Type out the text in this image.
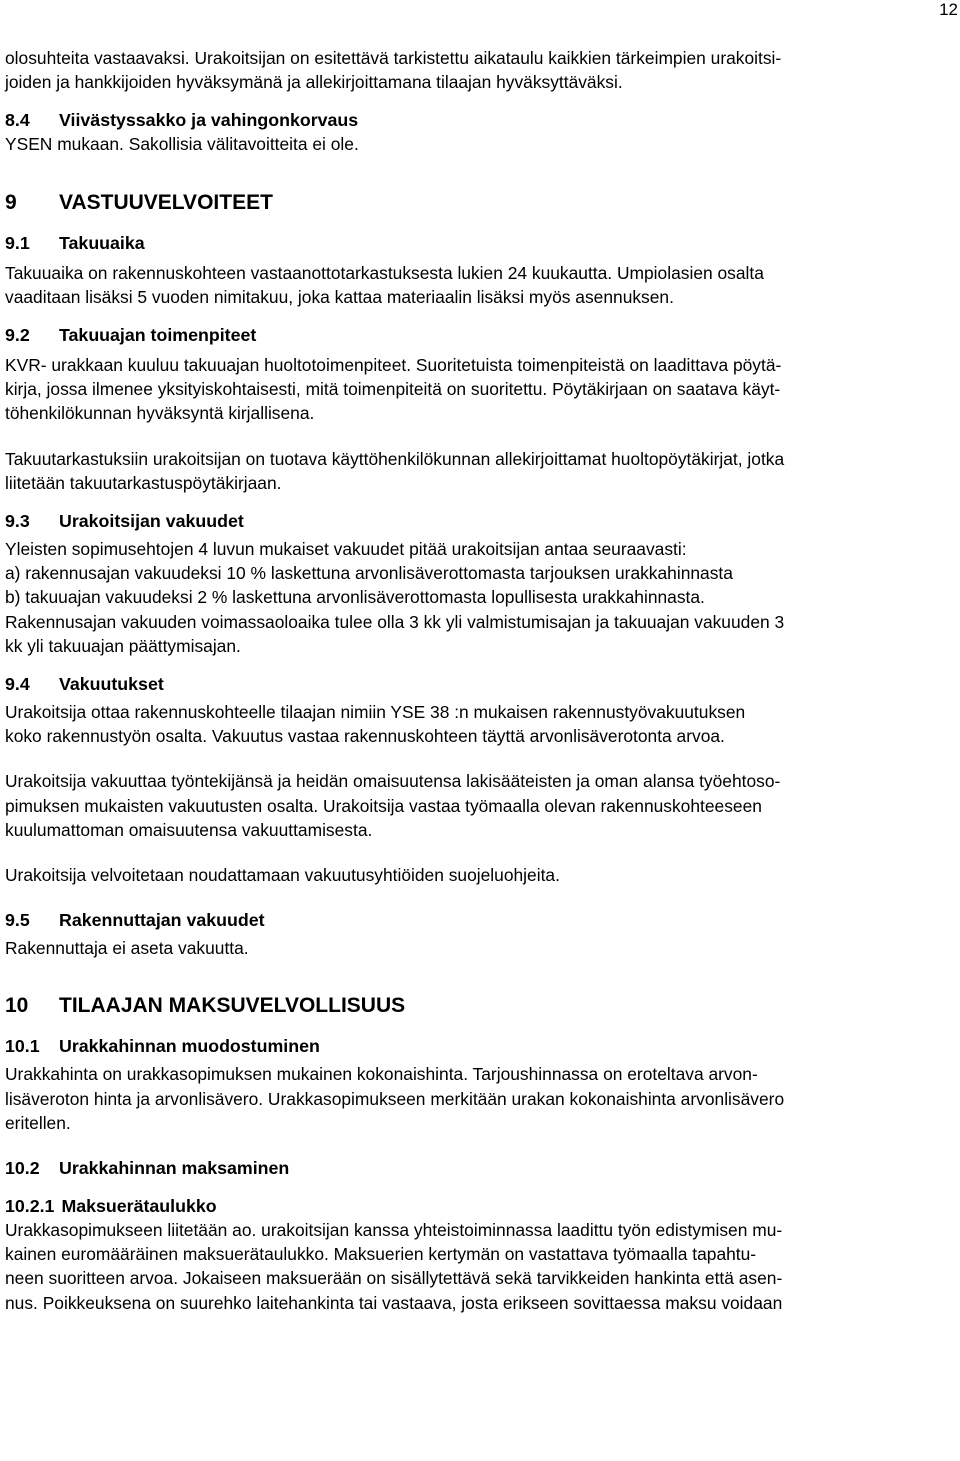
12
olosuhteita vastaavaksi. Urakoitsijan on esitettävä tarkistettu aikataulu kaikkien tärkeimpien urakoitsi-
joiden ja hankkijoiden hyväksymänä ja allekirjoittamana tilaajan hyväksyttäväksi.
8.4	Viivästyssakko ja vahingonkorvaus
YSEN mukaan. Sakollisia välitavoitteita ei ole.
9	VASTUUVELVOITEET
9.1	Takuuaika
Takuuaika on rakennuskohteen vastaanottotarkastuksesta lukien 24 kuukautta. Umpiolasien osalta
vaaditaan lisäksi 5 vuoden nimitakuu, joka kattaa materiaalin lisäksi myös asennuksen.
9.2	Takuuajan toimenpiteet
KVR- urakkaan kuuluu takuuajan huoltotoimenpiteet. Suoritetuista toimenpiteistä on laadittava pöytä-
kirja, jossa ilmenee yksityiskohtaisesti, mitä toimenpiteitä on suoritettu. Pöytäkirjaan on saatava käyt-
töhenkilökunnan hyväksyntä kirjallisena.
Takuutarkastuksiin urakoitsijan on tuotava käyttöhenkilökunnan allekirjoittamat huoltopöytäkirjat, jotka
liitetään takuutarkastuspöytäkirjaan.
9.3	Urakoitsijan vakuudet
Yleisten sopimusehtojen 4 luvun mukaiset vakuudet pitää urakoitsijan antaa seuraavasti:
a) rakennusajan vakuudeksi 10 % laskettuna arvonlisäverottomasta tarjouksen urakkahinnasta
b) takuuajan vakuudeksi 2 % laskettuna arvonlisäverottomasta lopullisesta urakkahinnasta.
Rakennusajan vakuuden voimassaoloaika tulee olla 3 kk yli valmistumisajan ja takuuajan vakuuden 3
kk yli takuuajan päättymisajan.
9.4	Vakuutukset
Urakoitsija ottaa rakennuskohteelle tilaajan nimiin YSE 38 :n mukaisen rakennustyövakuutuksen
koko rakennustyön osalta. Vakuutus vastaa rakennuskohteen täyttä arvonlisäverotonta arvoa.
Urakoitsija vakuuttaa työntekijänsä ja heidän omaisuutensa lakisääteisten ja oman alansa työehtoso-
pimuksen mukaisten vakuutusten osalta. Urakoitsija vastaa työmaalla olevan rakennuskohteeseen
kuulumattoman omaisuutensa vakuuttamisesta.
Urakoitsija velvoitetaan noudattamaan vakuutusyhtiöiden suojeluohjeita.
9.5	Rakennuttajan vakuudet
Rakennuttaja ei aseta vakuutta.
10	TILAAJAN MAKSUVELVOLLISUUS
10.1	Urakkahinnan muodostuminen
Urakkahinta on urakkasopimuksen mukainen kokonaishinta. Tarjoushinnassa on eroteltava arvon-
lisäveroton hinta ja arvonlisävero. Urakkasopimukseen merkitään urakan kokonaishinta arvonlisävero
eritellen.
10.2	Urakkahinnan maksaminen
10.2.1 Maksuerätaulukko
Urakkasopimukseen liitetään ao. urakoitsijan kanssa yhteistoiminnassa laadittu työn edistymisen mu-
kainen euromääräinen maksuerätaulukko. Maksuerien kertymän on vastattava työmaalla tapahtu-
neen suoritteen arvoa. Jokaiseen maksuerään on sisällytettävä sekä tarvikkeiden hankinta että asen-
nus. Poikkeuksena on suurehko laitehankinta tai vastaava, josta erikseen sovittaessa maksu voidaan
